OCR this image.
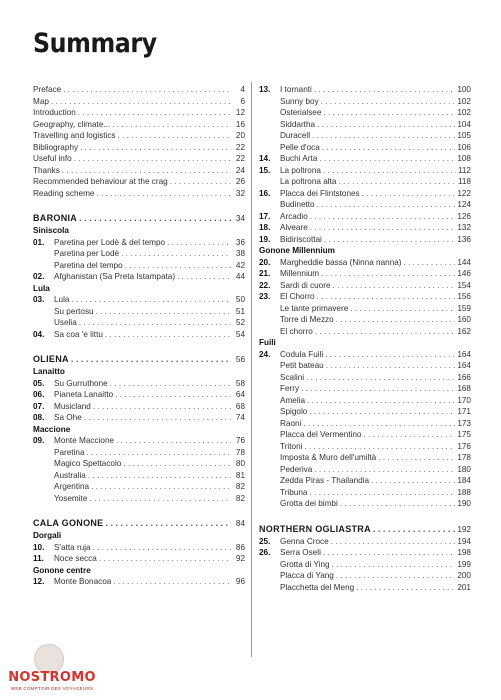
Summary
Preface . . .	4
Map . . .	6
Introduction . . .	12
Geography, climate... . . .	16
Travelling and logistics . . .	20
Bibliography . . .	22
Useful info . . .	22
Thanks . . .	24
Recommended behaviour at the crag . . .	26
Reading scheme . . .	32
BARONIA . . .	34
Siniscola
01.	Paretina per Lodè & del tempo . . .	36
Paretina per Lodè . . .	38
Paretina del tempo . . .	42
02.	Afghanistan (Sa Preta Istampata) . . .	44
Lula
03.	Lula . . .	50
Su pertosu . . .	51
Uselia . . .	52
04.	Sa coa 'e littu . . .	54
OLIENA . . .	56
Lanaitto
05.	Su Gurruthone . . .	58
06.	Pianeta Lanaitto . . .	64
07.	Musicland . . .	68
08.	Sa Ohe . . .	74
Maccione
09.	Monte Maccione . . .	76
Paretina . . .	78
Magico Spettacolo . . .	80
Australia . . .	81
Argentina . . .	82
Yosemite . . .	82
CALA GONONE . . .	84
Dorgali
10.	S'atta ruja . . .	86
11.	Noce secca . . .	92
Gonone centre
12.	Monte Bonacoa . . .	96
13.	I tornanti . . .	100
Sunny boy . . .	102
Osterialsee . . .	102
Siddartha . . .	104
Duracell . . .	105
Pelle d'oca . . .	106
14.	Buchi Arta . . .	108
15.	La poltrona . . .	112
La poltrona alta . . .	118
16.	Placca dei Flintstones . . .	122
Budinetto . . .	124
17.	Arcadio . . .	126
18.	Alveare . . .	132
19.	Bidiriscottai . . .	136
Gonone Millennium
20.	Margheddie bassa (Ninna nanna) . . .	144
21.	Millennium . . .	146
22.	Sardi di cuore . . .	154
23.	El Chorro . . .	156
Le tante primavere . . .	159
Torre di Mezzo . . .	160
El chorro . . .	162
Fuili
24.	Codula Fuili . . .	164
Petit bateau . . .	164
Scalini . . .	166
Ferry . . .	168
Amelia . . .	170
Spigolo . . .	171
Raoni . . .	173
Placca del Vermentino . . .	175
Tritoni . . .	176
Imposta & Muro dell'umiltà . . .	178
Pederiva . . .	180
Zedda Piras - Thailandia . . .	184
Tribuna . . .	188
Grotta dei bimbi . . .	190
NORTHERN OGLIASTRA . . .	192
25.	Genna Croce . . .	194
26.	Serra Oseli . . .	198
Grotta di Ying . . .	199
Placca di Yang . . .	200
Placchetta del Meng . . .	201
NOSTROMO
WEB COMPTOIR DES VOYAGEURS
